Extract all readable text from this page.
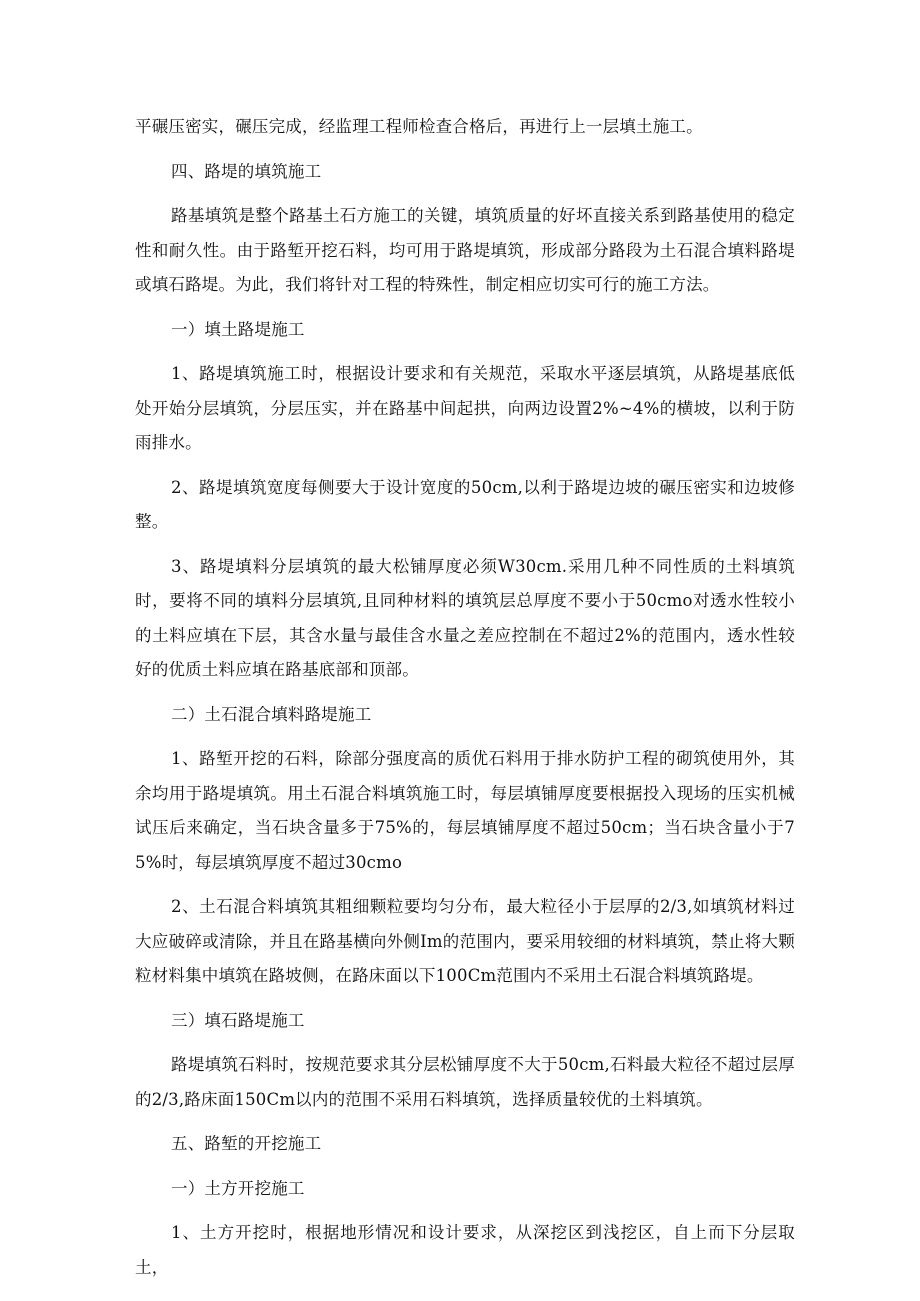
平碾压密实，碾压完成，经监理工程师检查合格后，再进行上一层填土施工。

四、路堤的填筑施工

路基填筑是整个路基土石方施工的关键，填筑质量的好坏直接关系到路基使用的稳定性和耐久性。由于路堑开挖石料，均可用于路堤填筑，形成部分路段为土石混合填料路堤或填石路堤。为此，我们将针对工程的特殊性，制定相应切实可行的施工方法。

一）填土路堤施工

1、路堤填筑施工时，根据设计要求和有关规范，采取水平逐层填筑，从路堤基底低处开始分层填筑，分层压实，并在路基中间起拱，向两边设置2%~4%的横坡，以利于防雨排水。

2、路堤填筑宽度每侧要大于设计宽度的50cm,以利于路堤边坡的碾压密实和边坡修整。

3、路堤填料分层填筑的最大松铺厚度必须W30cm.采用几种不同性质的土料填筑时，要将不同的填料分层填筑,且同种材料的填筑层总厚度不要小于50cmo对透水性较小的土料应填在下层，其含水量与最佳含水量之差应控制在不超过2%的范围内，透水性较好的优质土料应填在路基底部和顶部。

二）土石混合填料路堤施工

1、路堑开挖的石料，除部分强度高的质优石料用于排水防护工程的砌筑使用外，其余均用于路堤填筑。用土石混合料填筑施工时，每层填铺厚度要根据投入现场的压实机械试压后来确定，当石块含量多于75%的，每层填铺厚度不超过50cm；当石块含量小于75%时，每层填筑厚度不超过30cmo

2、土石混合料填筑其粗细颗粒要均匀分布，最大粒径小于层厚的2/3,如填筑材料过大应破碎或清除，并且在路基横向外侧Im的范围内，要采用较细的材料填筑，禁止将大颗粒材料集中填筑在路坡侧，在路床面以下100Cm范围内不采用土石混合料填筑路堤。

三）填石路堤施工

路堤填筑石料时，按规范要求其分层松铺厚度不大于50cm,石料最大粒径不超过层厚的2/3,路床面150Cm以内的范围不采用石料填筑，选择质量较优的土料填筑。

五、路堑的开挖施工

一）土方开挖施工

1、土方开挖时，根据地形情况和设计要求，从深挖区到浅挖区，自上而下分层取土，
